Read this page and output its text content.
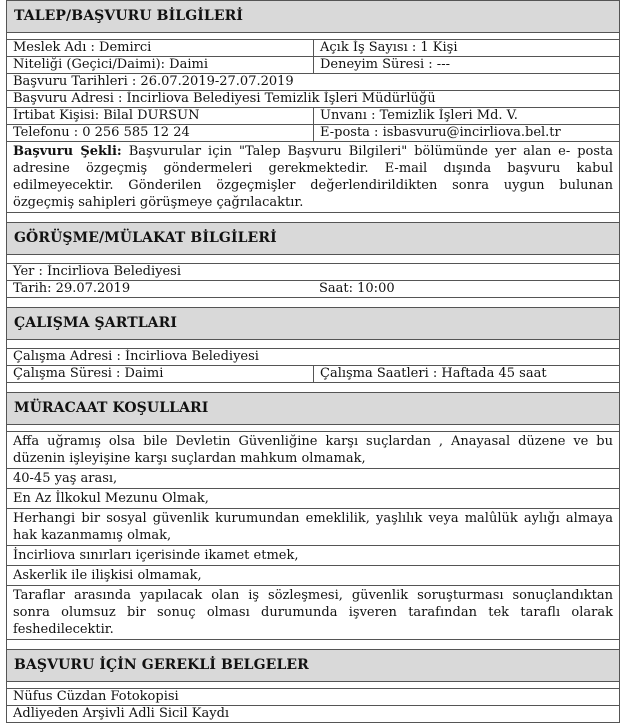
TALEP/BAŞVURU BİLGİLERİ
Meslek Adı : Demirci	Açık İş Sayısı : 1 Kişi
Niteliği (Geçici/Daimi): Daimi	Deneyim Süresi : ---
Başvuru Tarihleri : 26.07.2019-27.07.2019
Başvuru Adresi : İncirliova Belediyesi Temizlik İşleri Müdürlüğü
İrtibat Kişisi: Bilal DURSUN	Unvanı : Temizlik İşleri Md. V.
Telefonu : 0 256 585 12 24	E-posta : isbasvuru@incirliova.bel.tr
Başvuru Şekli: Başvurular için "Talep Başvuru Bilgileri" bölümünde yer alan e- posta adresine özgeçmiş göndermeleri gerekmektedir. E-mail dışında başvuru kabul edilmeyecektir. Gönderilen özgeçmişler değerlendirildikten sonra uygun bulunan özgeçmiş sahipleri görüşmeye çağrılacaktır.
GÖRÜŞME/MÜLAKAT BİLGİLERİ
Yer : İncirliova Belediyesi
Tarih: 29.07.2019	Saat: 10:00
ÇALIŞMA ŞARTLARI
Çalışma Adresi : İncirliova Belediyesi
Çalışma Süresi : Daimi	Çalışma Saatleri : Haftada 45 saat
MÜRACAAT KOŞULLARI
Affa uğramış olsa bile Devletin Güvenliğine karşı suçlardan , Anayasal düzene ve bu düzenin işleyişine karşı suçlardan mahkum olmamak,
40-45 yaş arası,
En Az İlkokul Mezunu Olmak,
Herhangi bir sosyal güvenlik kurumundan emeklilik, yaşlılık veya malûlük aylığı almaya hak kazanmamış olmak,
İncirliova sınırları içerisinde ikamet etmek,
Askerlik ile ilişkisi olmamak,
Taraflar arasında yapılacak olan iş sözleşmesi, güvenlik soruşturması sonuçlandıktan sonra olumsuz bir sonuç olması durumunda işveren tarafından tek taraflı olarak feshedilecektir.
BAŞVURU İÇİN GEREKLİ BELGELER
Nüfus Cüzdan Fotokopisi
Adliyeden Arşivli Adli Sicil Kaydı
